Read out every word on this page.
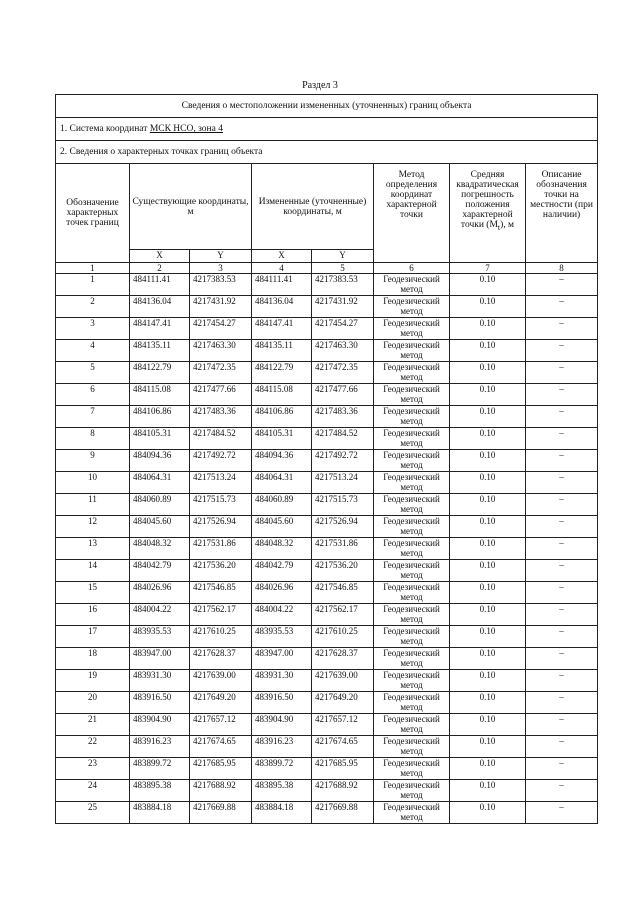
Раздел 3
Сведения о местоположении измененных (уточненных) границ объекта							
1. Система координат МСК НСО, зона 4							
2. Сведения о характерных точках границ объекта							
Обозначение характерных точек границ	Существующие координаты, м		Измененные (уточненные) координаты, м		Метод определения координат характерной точки	Средняя квадратическая погрешность положения характерной точки $(M_t)$, м	Описание обозначения точки на местности (при наличии)
	X	Y	X	Y			
1	2	3	4	5	6	7	8
1	484111.41	4217383.53	484111.41	4217383.53	Геодезический метод	0.10	–
2	484136.04	4217431.92	484136.04	4217431.92	Геодезический метод	0.10	–
3	484147.41	4217454.27	484147.41	4217454.27	Геодезический метод	0.10	–
4	484135.11	4217463.30	484135.11	4217463.30	Геодезический метод	0.10	–
5	484122.79	4217472.35	484122.79	4217472.35	Геодезический метод	0.10	–
6	484115.08	4217477.66	484115.08	4217477.66	Геодезический метод	0.10	–
7	484106.86	4217483.36	484106.86	4217483.36	Геодезический метод	0.10	–
8	484105.31	4217484.52	484105.31	4217484.52	Геодезический метод	0.10	–
9	484094.36	4217492.72	484094.36	4217492.72	Геодезический метод	0.10	–
10	484064.31	4217513.24	484064.31	4217513.24	Геодезический метод	0.10	–
11	484060.89	4217515.73	484060.89	4217515.73	Геодезический метод	0.10	–
12	484045.60	4217526.94	484045.60	4217526.94	Геодезический метод	0.10	–
13	484048.32	4217531.86	484048.32	4217531.86	Геодезический метод	0.10	–
14	484042.79	4217536.20	484042.79	4217536.20	Геодезический метод	0.10	–
15	484026.96	4217546.85	484026.96	4217546.85	Геодезический метод	0.10	–
16	484004.22	4217562.17	484004.22	4217562.17	Геодезический метод	0.10	–
17	483935.53	4217610.25	483935.53	4217610.25	Геодезический метод	0.10	–
18	483947.00	4217628.37	483947.00	4217628.37	Геодезический метод	0.10	–
19	483931.30	4217639.00	483931.30	4217639.00	Геодезический метод	0.10	–
20	483916.50	4217649.20	483916.50	4217649.20	Геодезический метод	0.10	–
21	483904.90	4217657.12	483904.90	4217657.12	Геодезический метод	0.10	–
22	483916.23	4217674.65	483916.23	4217674.65	Геодезический метод	0.10	–
23	483899.72	4217685.95	483899.72	4217685.95	Геодезический метод	0.10	–
24	483895.38	4217688.92	483895.38	4217688.92	Геодезический метод	0.10	–
25	483884.18	4217669.88	483884.18	4217669.88	Геодезический метод	0.10	–
